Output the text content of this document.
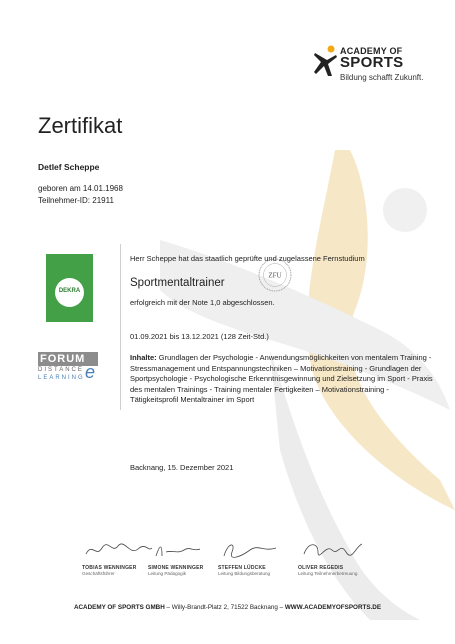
ACADEMY OF
SPORTS
Bildung schafft Zukunft.
Zertifikat
Detlef Scheppe
geboren am 14.01.1968
Teilnehmer-ID: 21911
DEKRA
FORUM
DISTANCE
LEARNING e
ZFU
Herr Scheppe hat das staatlich geprüfte und zugelassene Fernstudium
Sportmentaltrainer
erfolgreich mit der Note 1,0 abgeschlossen.
01.09.2021 bis 13.12.2021 (128 Zeit-Std.)
Inhalte: Grundlagen der Psychologie - Anwendungsmöglichkeiten von mentalem Training - Stressmanagement und Entspannungstechniken – Motivationstraining - Grundlagen der Sportpsychologie - Psychologische Erkenntnisgewinnung und Zielsetzung im Sport - Praxis des mentalen Trainings - Training mentaler Fertigkeiten – Motivationstraining - Tätigkeitsprofil Mentaltrainer im Sport
Backnang, 15. Dezember 2021
TOBIAS WENNINGER
Geschäftsführer
SIMONE WENNINGER
Leitung Pädagogik
STEFFEN LÜDCKE
Leitung Bildungsberatung
OLIVER REGEDIS
Leitung Teilnehmerbetreuung
ACADEMY OF SPORTS GMBH – Willy-Brandt-Platz 2, 71522 Backnang – WWW.ACADEMYOFSPORTS.DE
